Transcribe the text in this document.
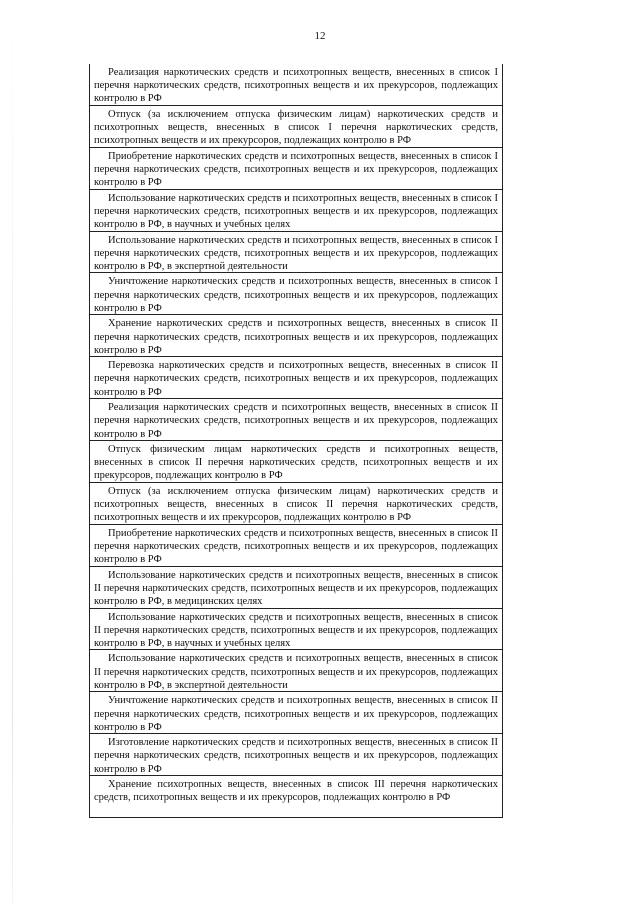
12
Реализация наркотических средств и психотропных веществ, внесенных в список I перечня наркотических средств, психотропных веществ и их прекурсоров, подлежащих контролю в РФ
Отпуск (за исключением отпуска физическим лицам) наркотических средств и психотропных веществ, внесенных в список I перечня наркотических средств, психотропных веществ и их прекурсоров, подлежащих контролю в РФ
Приобретение наркотических средств и психотропных веществ, внесенных в список I перечня наркотических средств, психотропных веществ и их прекурсоров, подлежащих контролю в РФ
Использование наркотических средств и психотропных веществ, внесенных в список I перечня наркотических средств, психотропных веществ и их прекурсоров, подлежащих контролю в РФ, в научных и учебных целях
Использование наркотических средств и психотропных веществ, внесенных в список I перечня наркотических средств, психотропных веществ и их прекурсоров, подлежащих контролю в РФ, в экспертной деятельности
Уничтожение наркотических средств и психотропных веществ, внесенных в список I перечня наркотических средств, психотропных веществ и их прекурсоров, подлежащих контролю в РФ
Хранение наркотических средств и психотропных веществ, внесенных в список II перечня наркотических средств, психотропных веществ и их прекурсоров, подлежащих контролю в РФ
Перевозка наркотических средств и психотропных веществ, внесенных в список II перечня наркотических средств, психотропных веществ и их прекурсоров, подлежащих контролю в РФ
Реализация наркотических средств и психотропных веществ, внесенных в список II перечня наркотических средств, психотропных веществ и их прекурсоров, подлежащих контролю в РФ
Отпуск физическим лицам наркотических средств и психотропных веществ, внесенных в список II перечня наркотических средств, психотропных веществ и их прекурсоров, подлежащих контролю в РФ
Отпуск (за исключением отпуска физическим лицам) наркотических средств и психотропных веществ, внесенных в список II перечня наркотических средств, психотропных веществ и их прекурсоров, подлежащих контролю в РФ
Приобретение наркотических средств и психотропных веществ, внесенных в список II перечня наркотических средств, психотропных веществ и их прекурсоров, подлежащих контролю в РФ
Использование наркотических средств и психотропных веществ, внесенных в список II перечня наркотических средств, психотропных веществ и их прекурсоров, подлежащих контролю в РФ, в медицинских целях
Использование наркотических средств и психотропных веществ, внесенных в список II перечня наркотических средств, психотропных веществ и их прекурсоров, подлежащих контролю в РФ, в научных и учебных целях
Использование наркотических средств и психотропных веществ, внесенных в список II перечня наркотических средств, психотропных веществ и их прекурсоров, подлежащих контролю в РФ, в экспертной деятельности
Уничтожение наркотических средств и психотропных веществ, внесенных в список II перечня наркотических средств, психотропных веществ и их прекурсоров, подлежащих контролю в РФ
Изготовление наркотических средств и психотропных веществ, внесенных в список II перечня наркотических средств, психотропных веществ и их прекурсоров, подлежащих контролю в РФ
Хранение психотропных веществ, внесенных в список III перечня наркотических средств, психотропных веществ и их прекурсоров, подлежащих контролю в РФ
